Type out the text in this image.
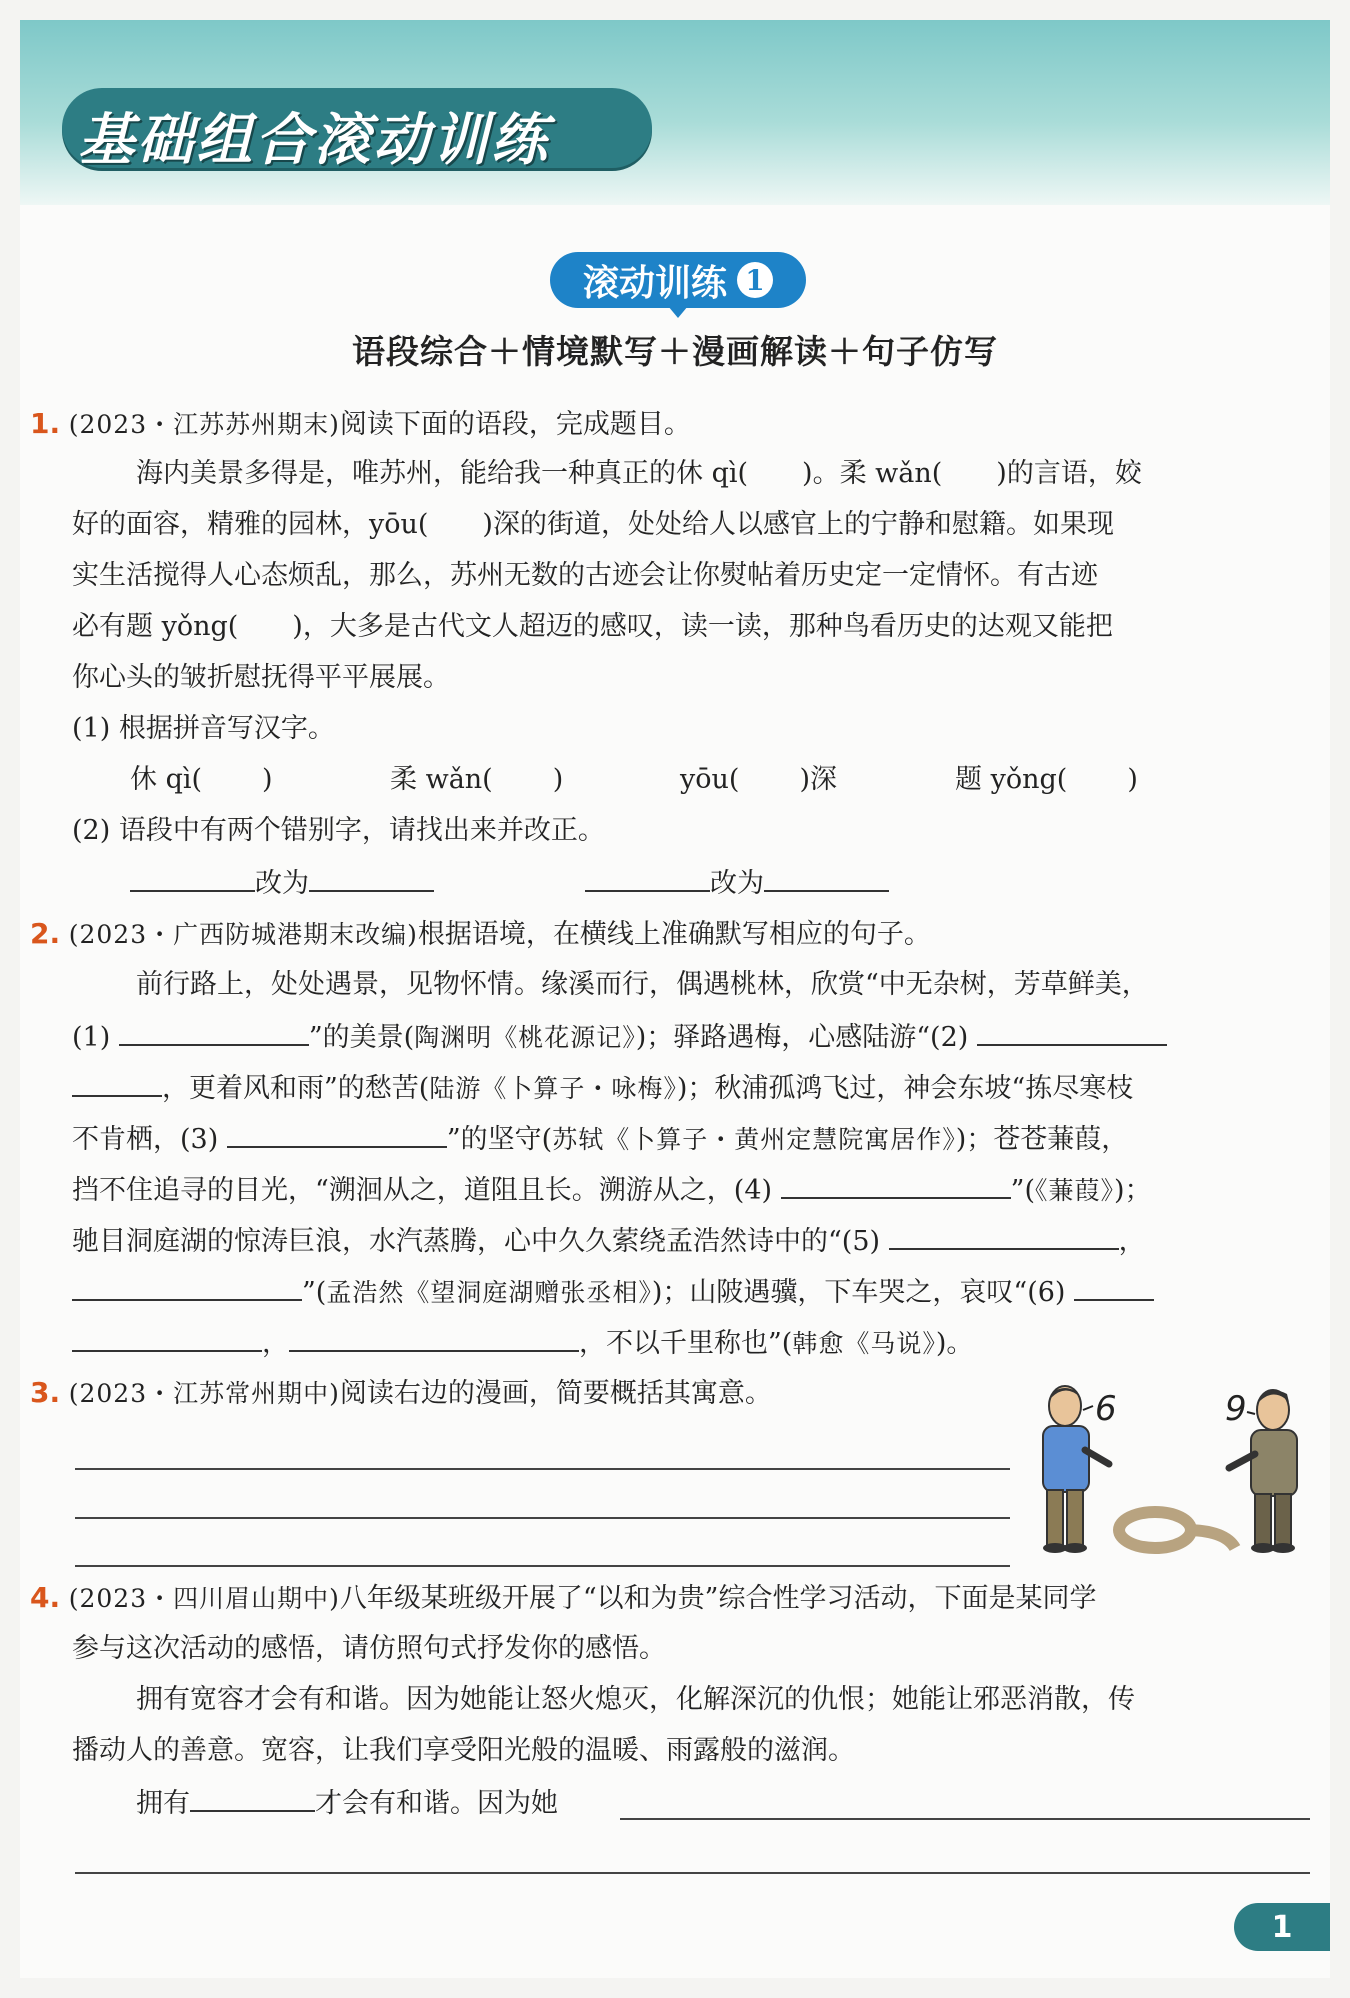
基础组合滚动训练
滚动训练 1
语段综合＋情境默写＋漫画解读＋句子仿写
1. (2023・江苏苏州期末)阅读下面的语段，完成题目。
海内美景多得是，唯苏州，能给我一种真正的休 qì(　　)。柔 wǎn(　　)的言语，姣
好的面容，精雅的园林，yōu(　　)深的街道，处处给人以感官上的宁静和慰籍。如果现
实生活搅得人心态烦乱，那么，苏州无数的古迹会让你熨帖着历史定一定情怀。有古迹
必有题 yǒng(　　)，大多是古代文人超迈的感叹，读一读，那种鸟看历史的达观又能把
你心头的皱折慰抚得平平展展。
(1) 根据拼音写汉字。
休 qì( )	柔 wǎn( )	yōu( )深	题 yǒng( )
(2) 语段中有两个错别字，请找出来并改正。
改为	改为
2. (2023・广西防城港期末改编)根据语境，在横线上准确默写相应的句子。
前行路上，处处遇景，见物怀情。缘溪而行，偶遇桃林，欣赏“中无杂树，芳草鲜美，
(1)	”的美景(陶渊明《桃花源记》)；驿路遇梅，心感陆游“(2)
，更着风和雨”的愁苦(陆游《卜算子・咏梅》)；秋浦孤鸿飞过，神会东坡“拣尽寒枝
不肯栖，(3)	”的坚守(苏轼《卜算子・黄州定慧院寓居作》)；苍苍蒹葭，
挡不住追寻的目光，“溯洄从之，道阻且长。溯游从之，(4)	”(《蒹葭》)；
驰目洞庭湖的惊涛巨浪，水汽蒸腾，心中久久萦绕孟浩然诗中的“(5)	，
”(孟浩然《望洞庭湖赠张丞相》)；山陂遇骥，下车哭之，哀叹“(6)
，	，不以千里称也”(韩愈《马说》)。
3. (2023・江苏常州期中)阅读右边的漫画，简要概括其寓意。	6	9
4. (2023・四川眉山期中)八年级某班级开展了“以和为贵”综合性学习活动，下面是某同学
参与这次活动的感悟，请仿照句式抒发你的感悟。
拥有宽容才会有和谐。因为她能让怒火熄灭，化解深沉的仇恨；她能让邪恶消散，传
播动人的善意。宽容，让我们享受阳光般的温暖、雨露般的滋润。
拥有	才会有和谐。因为她
1
